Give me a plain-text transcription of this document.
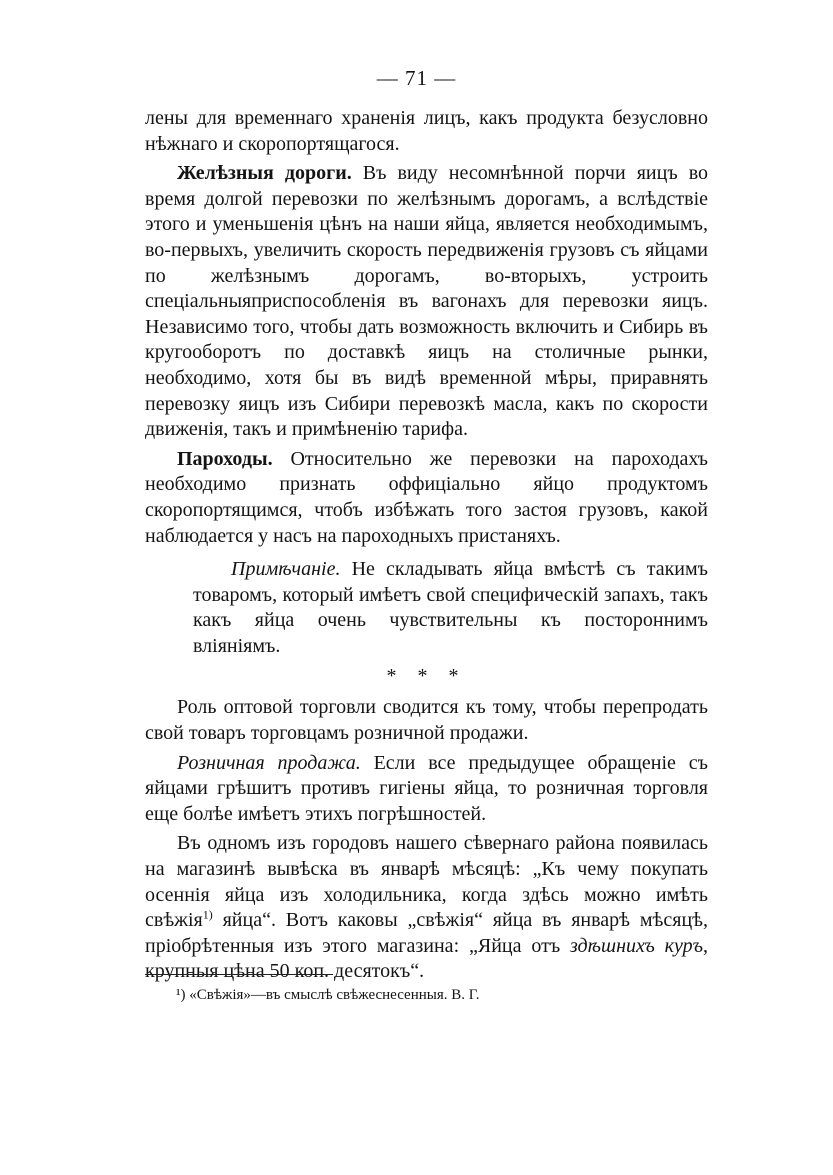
— 71 —

лены для временнаго храненія лицъ, какъ продукта безусловно нѣжнаго и скоропортящагося.

Желѣзныя дороги. Въ виду несомнѣнной порчи яицъ во время долгой перевозки по желѣзнымъ дорогамъ, а вслѣдствіе этого и уменьшенія цѣнъ на наши яйца, является необходимымъ, во-первыхъ, увеличить скорость передвиженія грузовъ съ яйцами по желѣзнымъ дорогамъ, во-вторыхъ, устроить спеціальныяприспособленія въ вагонахъ для перевозки яицъ. Независимо того, чтобы дать возможность включить и Сибирь въ кругооборотъ по доставкѣ яицъ на столичные рынки, необходимо, хотя бы въ видѣ временной мѣры, приравнять перевозку яицъ изъ Сибири перевозкѣ масла, какъ по скорости движенія, такъ и примѣненію тарифа.

Пароходы. Относительно же перевозки на пароходахъ необходимо признать оффиціально яйцо продуктомъ скоропортящимся, чтобъ избѣжать того застоя грузовъ, какой наблюдается у насъ на пароходныхъ пристаняхъ.

Примѣчаніе. Не складывать яйца вмѣстѣ съ такимъ товаромъ, который имѣетъ свой специфическій запахъ, такъ какъ яйца очень чувствительны къ постороннимъ вліяніямъ.

* * *

Роль оптовой торговли сводится къ тому, чтобы перепродать свой товаръ торговцамъ розничной продажи.

Розничная продажа. Если все предыдущее обращеніе съ яйцами грѣшитъ противъ гигіены яйца, то розничная торговля еще болѣе имѣетъ этихъ погрѣшностей.

Въ одномъ изъ городовъ нашего сѣвернаго района появилась на магазинѣ вывѣска въ январѣ мѣсяцѣ: „Къ чему покупать осеннія яйца изъ холодильника, когда здѣсь можно имѣть свѣжія$^{1)}$ яйца“. Вотъ каковы „свѣжія“ яйца въ январѣ мѣсяцѣ, пріобрѣтенныя изъ этого магазина: „Яйца отъ здѣшнихъ куръ, крупныя цѣна 50 коп. десятокъ“.

¹) «Свѣжія»—въ смыслѣ свѣжеснесенныя. В. Г.
